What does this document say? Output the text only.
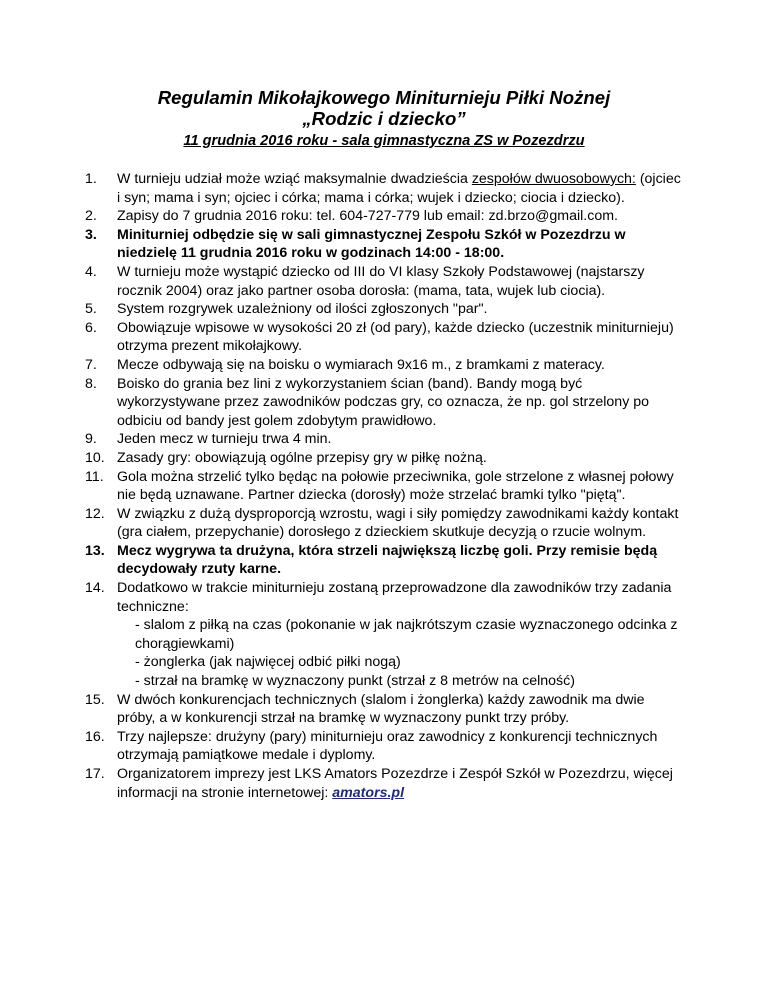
Regulamin Mikołajkowego Miniturnieju Piłki Nożnej
„Rodzic i dziecko”
11 grudnia 2016 roku - sala gimnastyczna ZS w Pozezdrzu
1. W turnieju udział może wziąć maksymalnie dwadzieścia zespołów dwuosobowych: (ojciec i syn; mama i syn; ojciec i córka; mama i córka; wujek i dziecko; ciocia i dziecko).
2. Zapisy do 7 grudnia 2016 roku: tel. 604-727-779 lub email: zd.brzo@gmail.com.
3. Miniturniej odbędzie się w sali gimnastycznej Zespołu Szkół w Pozezdrzu w niedzielę 11 grudnia 2016 roku w godzinach 14:00 - 18:00.
4. W turnieju może wystąpić dziecko od III do VI klasy Szkoły Podstawowej (najstarszy rocznik 2004) oraz jako partner osoba dorosła: (mama, tata, wujek lub ciocia).
5. System rozgrywek uzależniony od ilości zgłoszonych "par".
6. Obowiązuje wpisowe w wysokości 20 zł (od pary), każde dziecko (uczestnik miniturnieju) otrzyma prezent mikołajkowy.
7. Mecze odbywają się na boisku o wymiarach 9x16 m., z bramkami z materacy.
8. Boisko do grania bez lini z wykorzystaniem ścian (band). Bandy mogą być wykorzystywane przez zawodników podczas gry, co oznacza, że np. gol strzelony po odbiciu od bandy jest golem zdobytym prawidłowo.
9. Jeden mecz w turnieju trwa 4 min.
10. Zasady gry: obowiązują ogólne przepisy gry w piłkę nożną.
11. Gola można strzelić tylko będąc na połowie przeciwnika, gole strzelone z własnej połowy nie będą uznawane. Partner dziecka (dorosły) może strzelać bramki tylko "piętą".
12. W związku z dużą dysproporcją wzrostu, wagi i siły pomiędzy zawodnikami każdy kontakt (gra ciałem, przepychanie) dorosłego z dzieckiem skutkuje decyzją o rzucie wolnym.
13. Mecz wygrywa ta drużyna, która strzeli największą liczbę goli. Przy remisie będą decydowały rzuty karne.
14. Dodatkowo w trakcie miniturnieju zostaną przeprowadzone dla zawodników trzy zadania techniczne:
- slalom z piłką na czas (pokonanie w jak najkrótszym czasie wyznaczonego odcinka z chorągiewkami)
- żonglerka (jak najwięcej odbić piłki nogą)
- strzał na bramkę w wyznaczony punkt (strzał z 8 metrów na celność)
15. W dwóch konkurencjach technicznych (slalom i żonglerka) każdy zawodnik ma dwie próby, a w konkurencji strzał na bramkę w wyznaczony punkt trzy próby.
16. Trzy najlepsze: drużyny (pary) miniturnieju oraz zawodnicy z konkurencji technicznych otrzymają pamiątkowe medale i dyplomy.
17. Organizatorem imprezy jest LKS Amators Pozezdrze i Zespół Szkół w Pozezdrzu, więcej informacji na stronie internetowej: amators.pl
